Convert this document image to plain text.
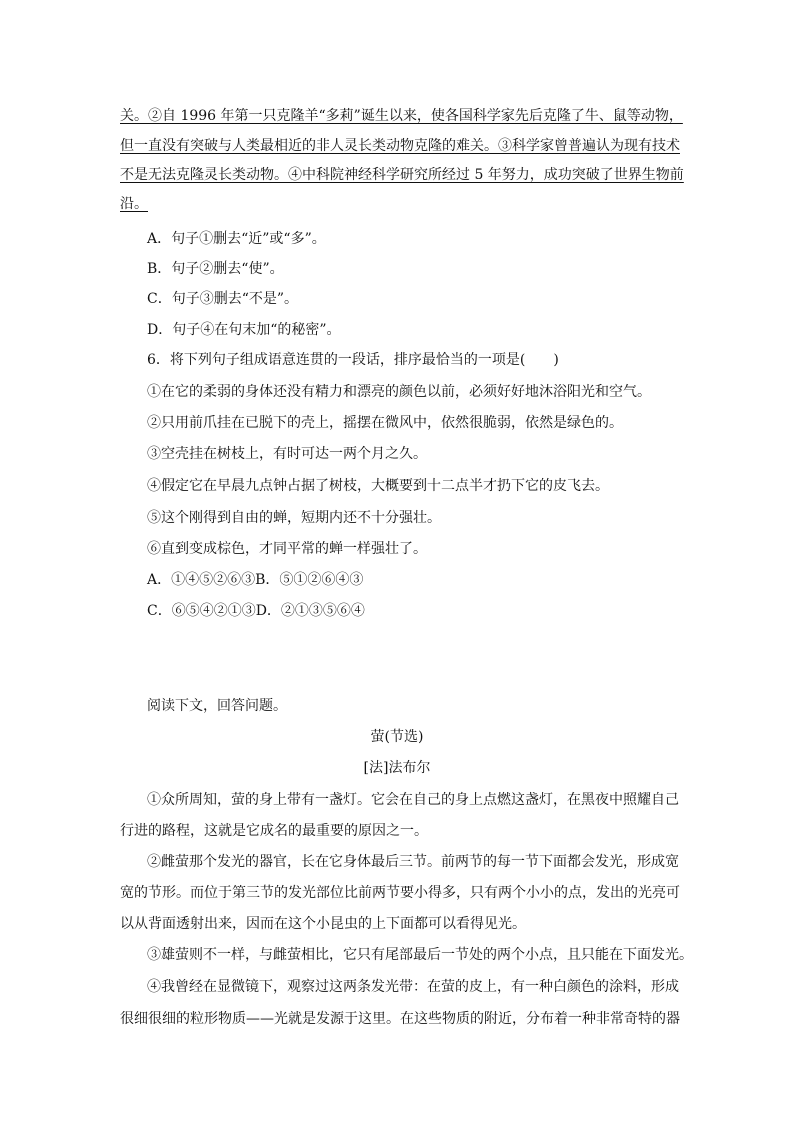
关。②自 1996 年第一只克隆羊“多莉”诞生以来，使各国科学家先后克隆了牛、鼠等动物，
但一直没有突破与人类最相近的非人灵长类动物克隆的难关。③科学家曾普遍认为现有技术
不是无法克隆灵长类动物。④中科院神经科学研究所经过 5 年努力，成功突破了世界生物前
沿。
A．句子①删去“近”或“多”。
B．句子②删去“使”。
C．句子③删去“不是”。
D．句子④在句末加“的秘密”。
6．将下列句子组成语意连贯的一段话，排序最恰当的一项是(　　)
①在它的柔弱的身体还没有精力和漂亮的颜色以前，必须好好地沐浴阳光和空气。
②只用前爪挂在已脱下的壳上，摇摆在微风中，依然很脆弱，依然是绿色的。
③空壳挂在树枝上，有时可达一两个月之久。
④假定它在早晨九点钟占据了树枝，大概要到十二点半才扔下它的皮飞去。
⑤这个刚得到自由的蝉，短期内还不十分强壮。
⑥直到变成棕色，才同平常的蝉一样强壮了。
A．①④⑤②⑥③B．⑤①②⑥④③
C．⑥⑤④②①③D．②①③⑤⑥④
阅读下文，回答问题。
萤(节选)
[法]法布尔
①众所周知，萤的身上带有一盏灯。它会在自己的身上点燃这盏灯，在黑夜中照耀自己
行进的路程，这就是它成名的最重要的原因之一。
②雌萤那个发光的器官，长在它身体最后三节。前两节的每一节下面都会发光，形成宽
宽的节形。而位于第三节的发光部位比前两节要小得多，只有两个小小的点，发出的光亮可
以从背面透射出来，因而在这个小昆虫的上下面都可以看得见光。
③雄萤则不一样，与雌萤相比，它只有尾部最后一节处的两个小点，且只能在下面发光。
④我曾经在显微镜下，观察过这两条发光带：在萤的皮上，有一种白颜色的涂料，形成
很细很细的粒形物质——光就是发源于这里。在这些物质的附近，分布着一种非常奇特的器
